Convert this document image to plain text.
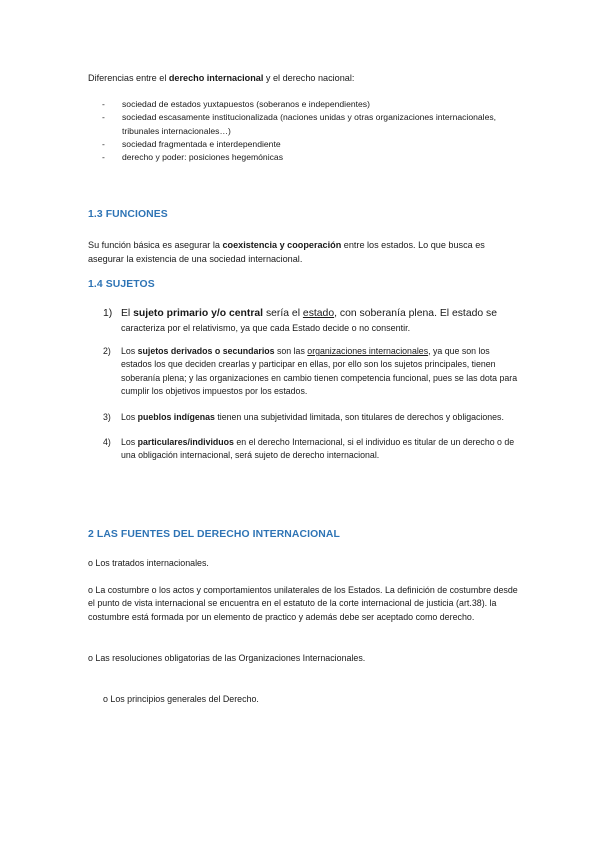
Diferencias entre el derecho internacional y el derecho nacional:

- sociedad de estados yuxtapuestos (soberanos e independientes)
- sociedad escasamente institucionalizada (naciones unidas y otras organizaciones internacionales, tribunales internacionales…)
- sociedad fragmentada e interdependiente
- derecho y poder: posiciones hegemónicas
1.3 FUNCIONES

Su función básica es asegurar la coexistencia y cooperación entre los estados. Lo que busca es asegurar la existencia de una sociedad internacional.

1.4 SUJETOS
1) El sujeto primario y/o central sería el estado, con soberanía plena. El estado se caracteriza por el relativismo, ya que cada Estado decide o no consentir.
2) Los sujetos derivados o secundarios son las organizaciones internacionales, ya que son los estados los que deciden crearlas y participar en ellas, por ello son los sujetos principales, tienen soberanía plena; y las organizaciones en cambio tienen competencia funcional, pues se las dota para cumplir los objetivos impuestos por los estados.
3) Los pueblos indígenas tienen una subjetividad limitada, son titulares de derechos y obligaciones.
4) Los particulares/individuos en el derecho Internacional, si el individuo es titular de un derecho o de una obligación internacional, será sujeto de derecho internacional.
2 LAS FUENTES DEL DERECHO INTERNACIONAL

o Los tratados internacionales.

o La costumbre o los actos y comportamientos unilaterales de los Estados. La definición de costumbre desde el punto de vista internacional se encuentra en el estatuto de la corte internacional de justicia (art.38). la costumbre está formada por un elemento de practico y además debe ser aceptado como derecho.

o Las resoluciones obligatorias de las Organizaciones Internacionales.

o Los principios generales del Derecho.
